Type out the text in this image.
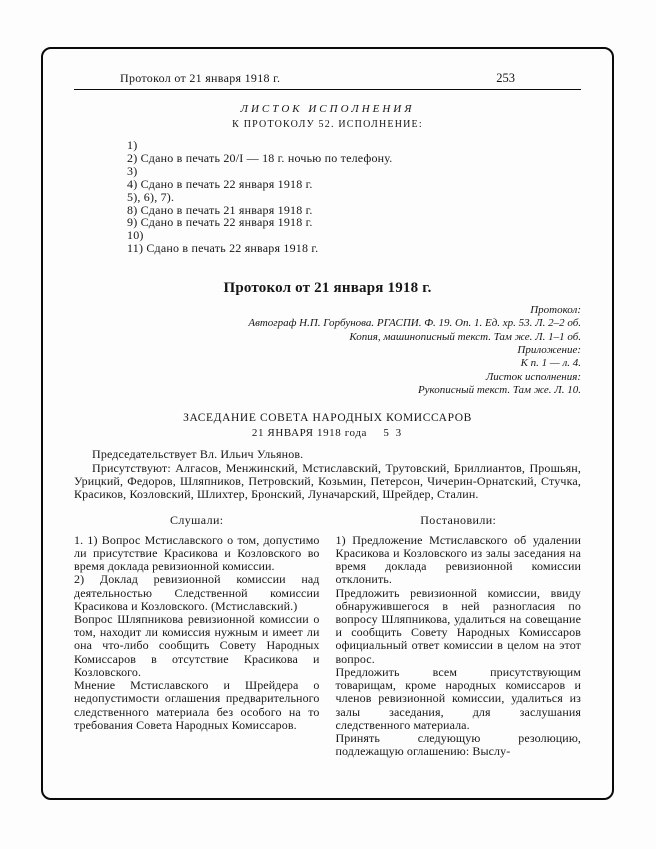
Протокол от 21 января 1918 г.	253
ЛИСТОК ИСПОЛНЕНИЯ
К ПРОТОКОЛУ 52. ИСПОЛНЕНИЕ:
1)
2) Сдано в печать 20/I — 18 г. ночью по телефону.
3)
4) Сдано в печать 22 января 1918 г.
5), 6), 7).
8) Сдано в печать 21 января 1918 г.
9) Сдано в печать 22 января 1918 г.
10)
11) Сдано в печать 22 января 1918 г.
Протокол от 21 января 1918 г.
Протокол:
Автограф Н.П. Горбунова. РГАСПИ. Ф. 19. Оп. 1. Ед. хр. 53. Л. 2–2 об.
Копия, машинописный текст. Там же. Л. 1–1 об.
Приложение:
К п. 1 — л. 4.
Листок исполнения:
Рукописный текст. Там же. Л. 10.
ЗАСЕДАНИЕ СОВЕТА НАРОДНЫХ КОМИССАРОВ
21 ЯНВАРЯ 1918 года 5 3

Председательствует Вл. Ильич Ульянов.

Присутствуют: Алгасов, Менжинский, Мстиславский, Трутовский, Бриллиантов, Прошьян, Урицкий, Федоров, Шляпников, Петровский, Козьмин, Петерсон, Чичерин-Орнатский, Стучка, Красиков, Козловский, Шлихтер, Бронский, Луначарский, Шрейдер, Сталин.

Слушали:	Постановили:

1. 1) Вопрос Мстиславского о том, допустимо ли присутствие Красикова и Козловского во время доклада ревизионной комиссии.

2) Доклад ревизионной комиссии над деятельностью Следственной комиссии Красикова и Козловского. (Мстиславский.)

Вопрос Шляпникова ревизионной комиссии о том, находит ли комиссия нужным и имеет ли она что-либо сообщить Совету Народных Комиссаров в отсутствие Красикова и Козловского.

Мнение Мстиславского и Шрейдера о недопустимости оглашения предварительного следственного материала без особого на то требования Совета Народных Комиссаров.

1) Предложение Мстиславского об удалении Красикова и Козловского из залы заседания на время доклада ревизионной комиссии отклонить.

Предложить ревизионной комиссии, ввиду обнаружившегося в ней разногласия по вопросу Шляпникова, удалиться на совещание и сообщить Совету Народных Комиссаров официальный ответ комиссии в целом на этот вопрос.

Предложить всем присутствующим товарищам, кроме народных комиссаров и членов ревизионной комиссии, удалиться из залы заседания, для заслушания следственного материала.

Принять следующую резолюцию, подлежащую оглашению: Выслу-
